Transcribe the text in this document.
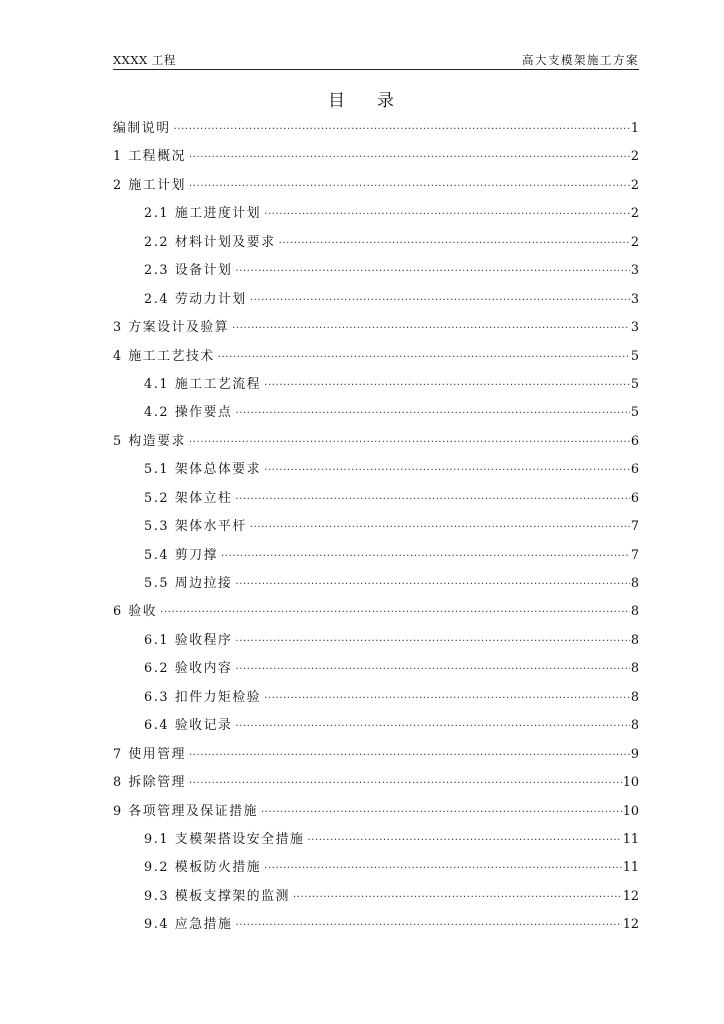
XXXX 工程	高大支模架施工方案
目 录
编制说明 ·····	1
1 工程概况 ·····	2
2 施工计划 ·····	2
2.1 施工进度计划 ·····	2
2.2 材料计划及要求 ·····	2
2.3 设备计划 ·····	3
2.4 劳动力计划 ·····	3
3 方案设计及验算 ·····	3
4 施工工艺技术 ·····	5
4.1 施工工艺流程 ·····	5
4.2 操作要点 ·····	5
5 构造要求 ·····	6
5.1 架体总体要求 ·····	6
5.2 架体立柱 ·····	6
5.3 架体水平杆 ·····	7
5.4 剪刀撑 ·····	7
5.5 周边拉接 ·····	8
6 验收 ·····	8
6.1 验收程序 ·····	8
6.2 验收内容 ·····	8
6.3 扣件力矩检验 ·····	8
6.4 验收记录 ·····	8
7 使用管理 ·····	9
8 拆除管理 ·····	10
9 各项管理及保证措施 ·····	10
9.1 支模架搭设安全措施 ·····	11
9.2 模板防火措施 ·····	11
9.3 模板支撑架的监测 ·····	12
9.4 应急措施 ·····	12
